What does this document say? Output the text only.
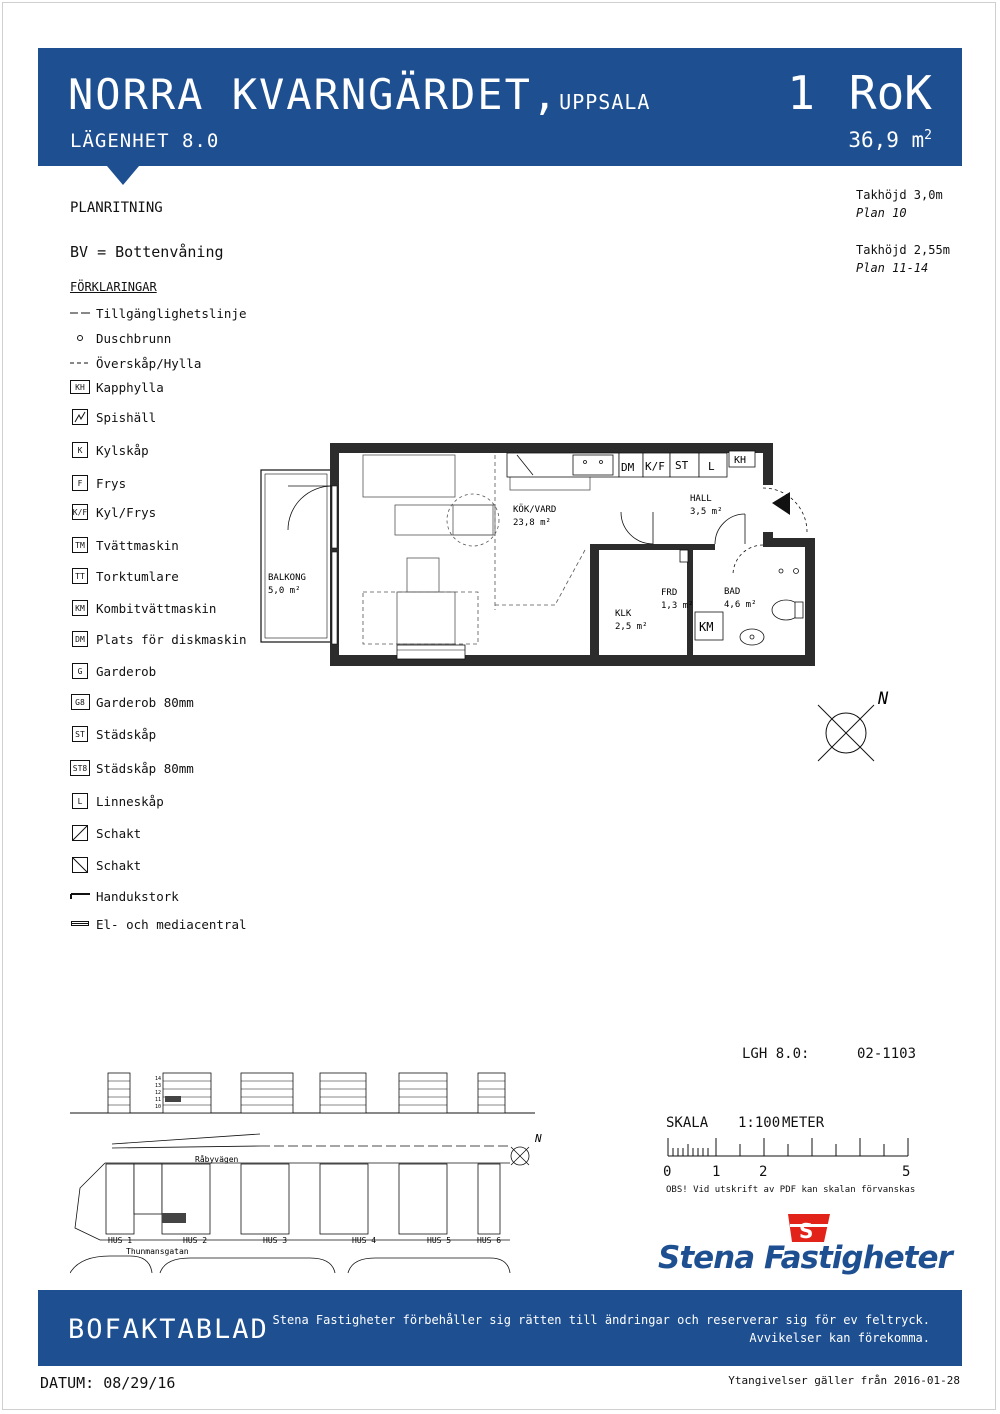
NORRA KVARNGÄRDET,UPPSALA
LÄGENHET 8.0
1 RoK
36,9 $m^2$
Takhöjd 3,0m
Plan 10
Takhöjd 2,55m
Plan 11-14
PLANRITNING
BV = Bottenvåning
FÖRKLARINGAR
Tillgänglighetslinje
Duschbrunn
Överskåp/Hylla
KH Kapphylla
Spishäll
K	Kylskåp
F	Frys
K/F Kyl/Frys
TM Tvättmaskin
TT Torktumlare
KM Kombitvättmaskin
DM Plats för diskmaskin
G	Garderob
G8 Garderob 80mm
ST Städskåp
ST8 Städskåp 80mm
L	Linneskåp
Schakt
Schakt
Handukstork
El- och mediacentral
DM K/F ST L KH
KM
KÖK/VARD
23,8 m²
HALL
3,5 m²
BALKONG
5,0 m²
KLK
2,5 m²
FRD
1,3 m²
BAD
4,6 m²
N
LGH 8.0:	02-1103
SKALA 1:100 METER
0	1	2	5
OBS! Vid utskrift av PDF kan skalan förvanskas
14
13
12
11
10
N
Råbyvägen
HUS 1	HUS 2	HUS 3	HUS 4	HUS 5	HUS 6
Thunmansgatan
S
Stena Fastigheter
BOFAKTABLAD Stena Fastigheter förbehåller sig rätten till ändringar och reserverar sig för ev feltryck.
Avvikelser kan förekomma.
DATUM: 08/29/16	Ytangivelser gäller från 2016-01-28
